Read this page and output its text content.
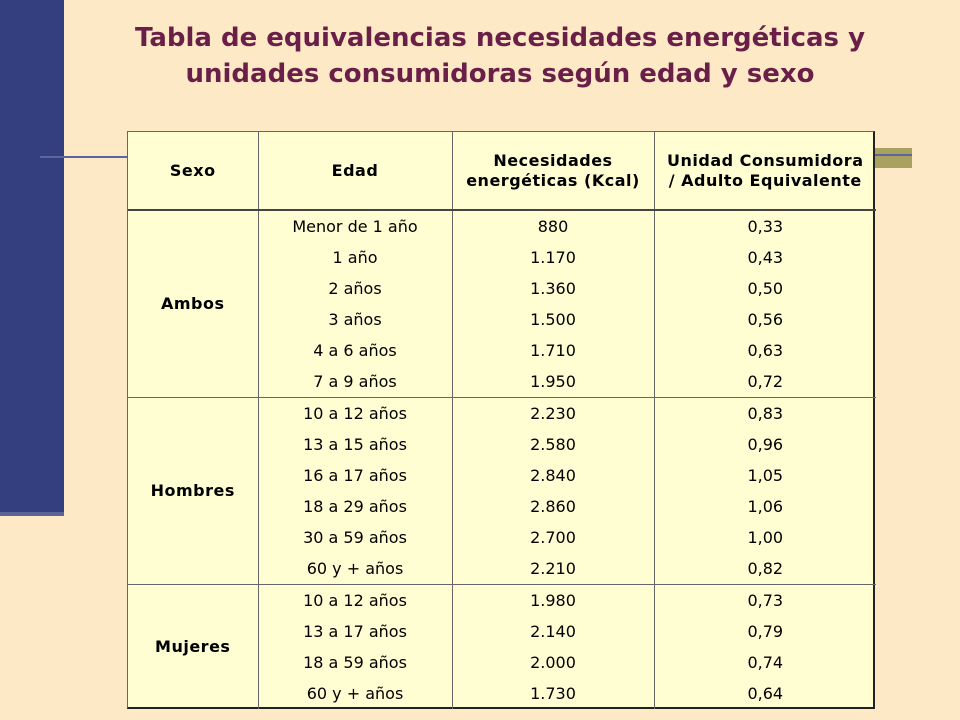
Tabla de equivalencias necesidades energéticas y
unidades consumidoras según edad y sexo
Sexo	Edad	Necesidades
energéticas (Kcal)	Unidad Consumidora
/ Adulto Equivalente
Ambos	Menor de 1 año	880	0,33
	1 año	1.170	0,43
	2 años	1.360	0,50
	3 años	1.500	0,56
	4 a 6 años	1.710	0,63
	7 a 9 años	1.950	0,72
Hombres	10 a 12 años	2.230	0,83
	13 a 15 años	2.580	0,96
	16 a 17 años	2.840	1,05
	18 a 29 años	2.860	1,06
	30 a 59 años	2.700	1,00
	60 y + años	2.210	0,82
Mujeres	10 a 12 años	1.980	0,73
	13 a 17 años	2.140	0,79
	18 a 59 años	2.000	0,74
	60 y + años	1.730	0,64
